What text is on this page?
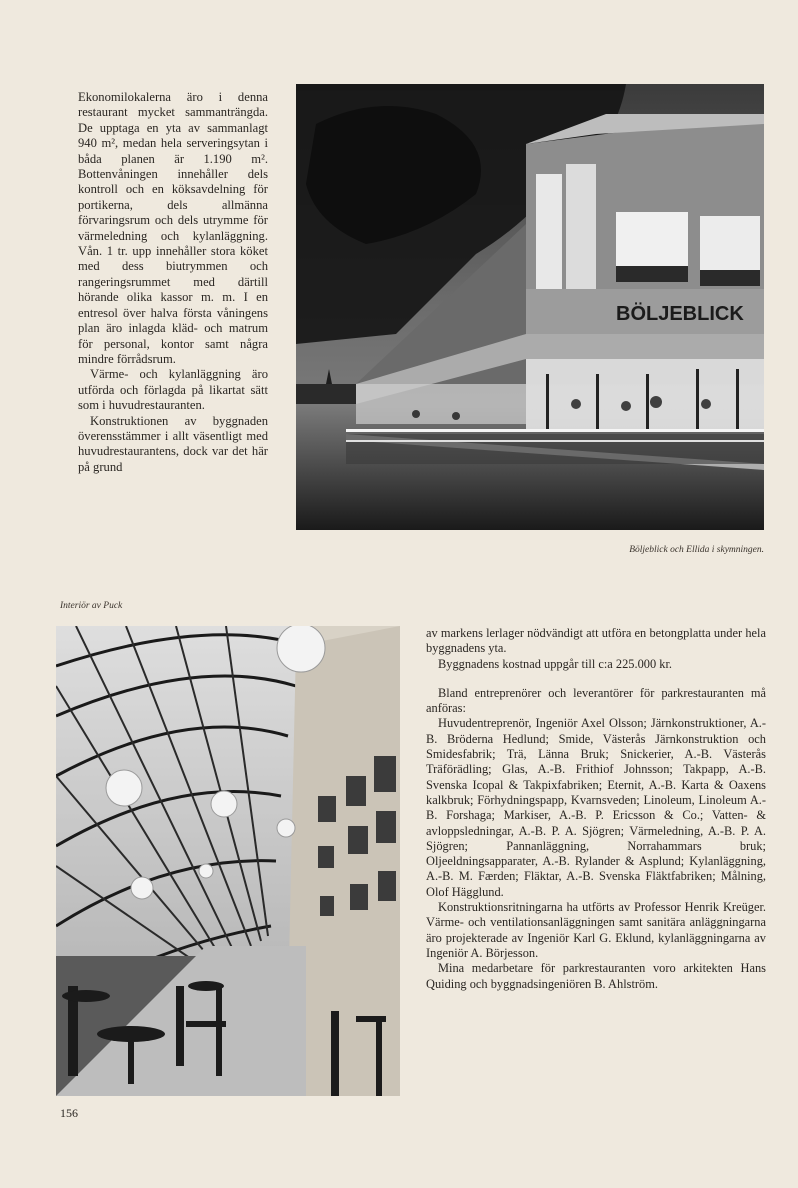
Ekonomilokalerna äro i denna restaurant mycket sammanträngda. De upptaga en yta av sammanlagt 940 m², medan hela serveringsytan i båda planen är 1.190 m². Bottenvåningen innehåller dels kontroll och en köksavdelning för portikerna, dels allmänna förvaringsrum och dels utrymme för värmeledning och kylanläggning. Vån. 1 tr. upp innehåller stora köket med dess biutrymmen och rangeringsrummet med därtill hörande olika kassor m. m. I en entresol över halva första våningens plan äro inlagda kläd- och matrum för personal, kontor samt några mindre förrådsrum.

Värme- och kylanläggning äro utförda och förlagda på likartat sätt som i huvudrestauranten.

Konstruktionen av byggnaden överensstämmer i allt väsentligt med huvudrestaurantens, dock var det här på grund

BÖLJEBLICK
Böljeblick och Ellida i skymningen.
Interiör av Puck

av markens lerlager nödvändigt att utföra en betongplatta under hela byggnadens yta.

Byggnadens kostnad uppgår till c:a 225.000 kr.

Bland entreprenörer och leverantörer för parkrestauranten må anföras:

Huvudentreprenör, Ingeniör Axel Olsson; Järnkonstruktioner, A.-B. Bröderna Hedlund; Smide, Västerås Järnkonstruktion och Smidesfabrik; Trä, Länna Bruk; Snickerier, A.-B. Västerås Träförädling; Glas, A.-B. Frithiof Johnsson; Takpapp, A.-B. Svenska Icopal & Takpixfabriken; Eternit, A.-B. Karta & Oaxens kalkbruk; Förhydningspapp, Kvarnsveden; Linoleum, Linoleum A.-B. Forshaga; Markiser, A.-B. P. Ericsson & Co.; Vatten- & avloppsledningar, A.-B. P. A. Sjögren; Värmeledning, A.-B. P. A. Sjögren; Pannanläggning, Norrahammars bruk; Oljeeldningsapparater, A.-B. Rylander & Asplund; Kylanläggning, A.-B. M. Færden; Fläktar, A.-B. Svenska Fläktfabriken; Målning, Olof Hägglund.

Konstruktionsritningarna ha utförts av Professor Henrik Kreüger. Värme- och ventilationsanläggningen samt sanitära anläggningarna äro projekterade av Ingeniör Karl G. Eklund, kylanläggningarna av Ingeniör A. Börjesson.

Mina medarbetare för parkrestauranten voro arkitekten Hans Quiding och byggnadsingeniören B. Ahlström.

156
